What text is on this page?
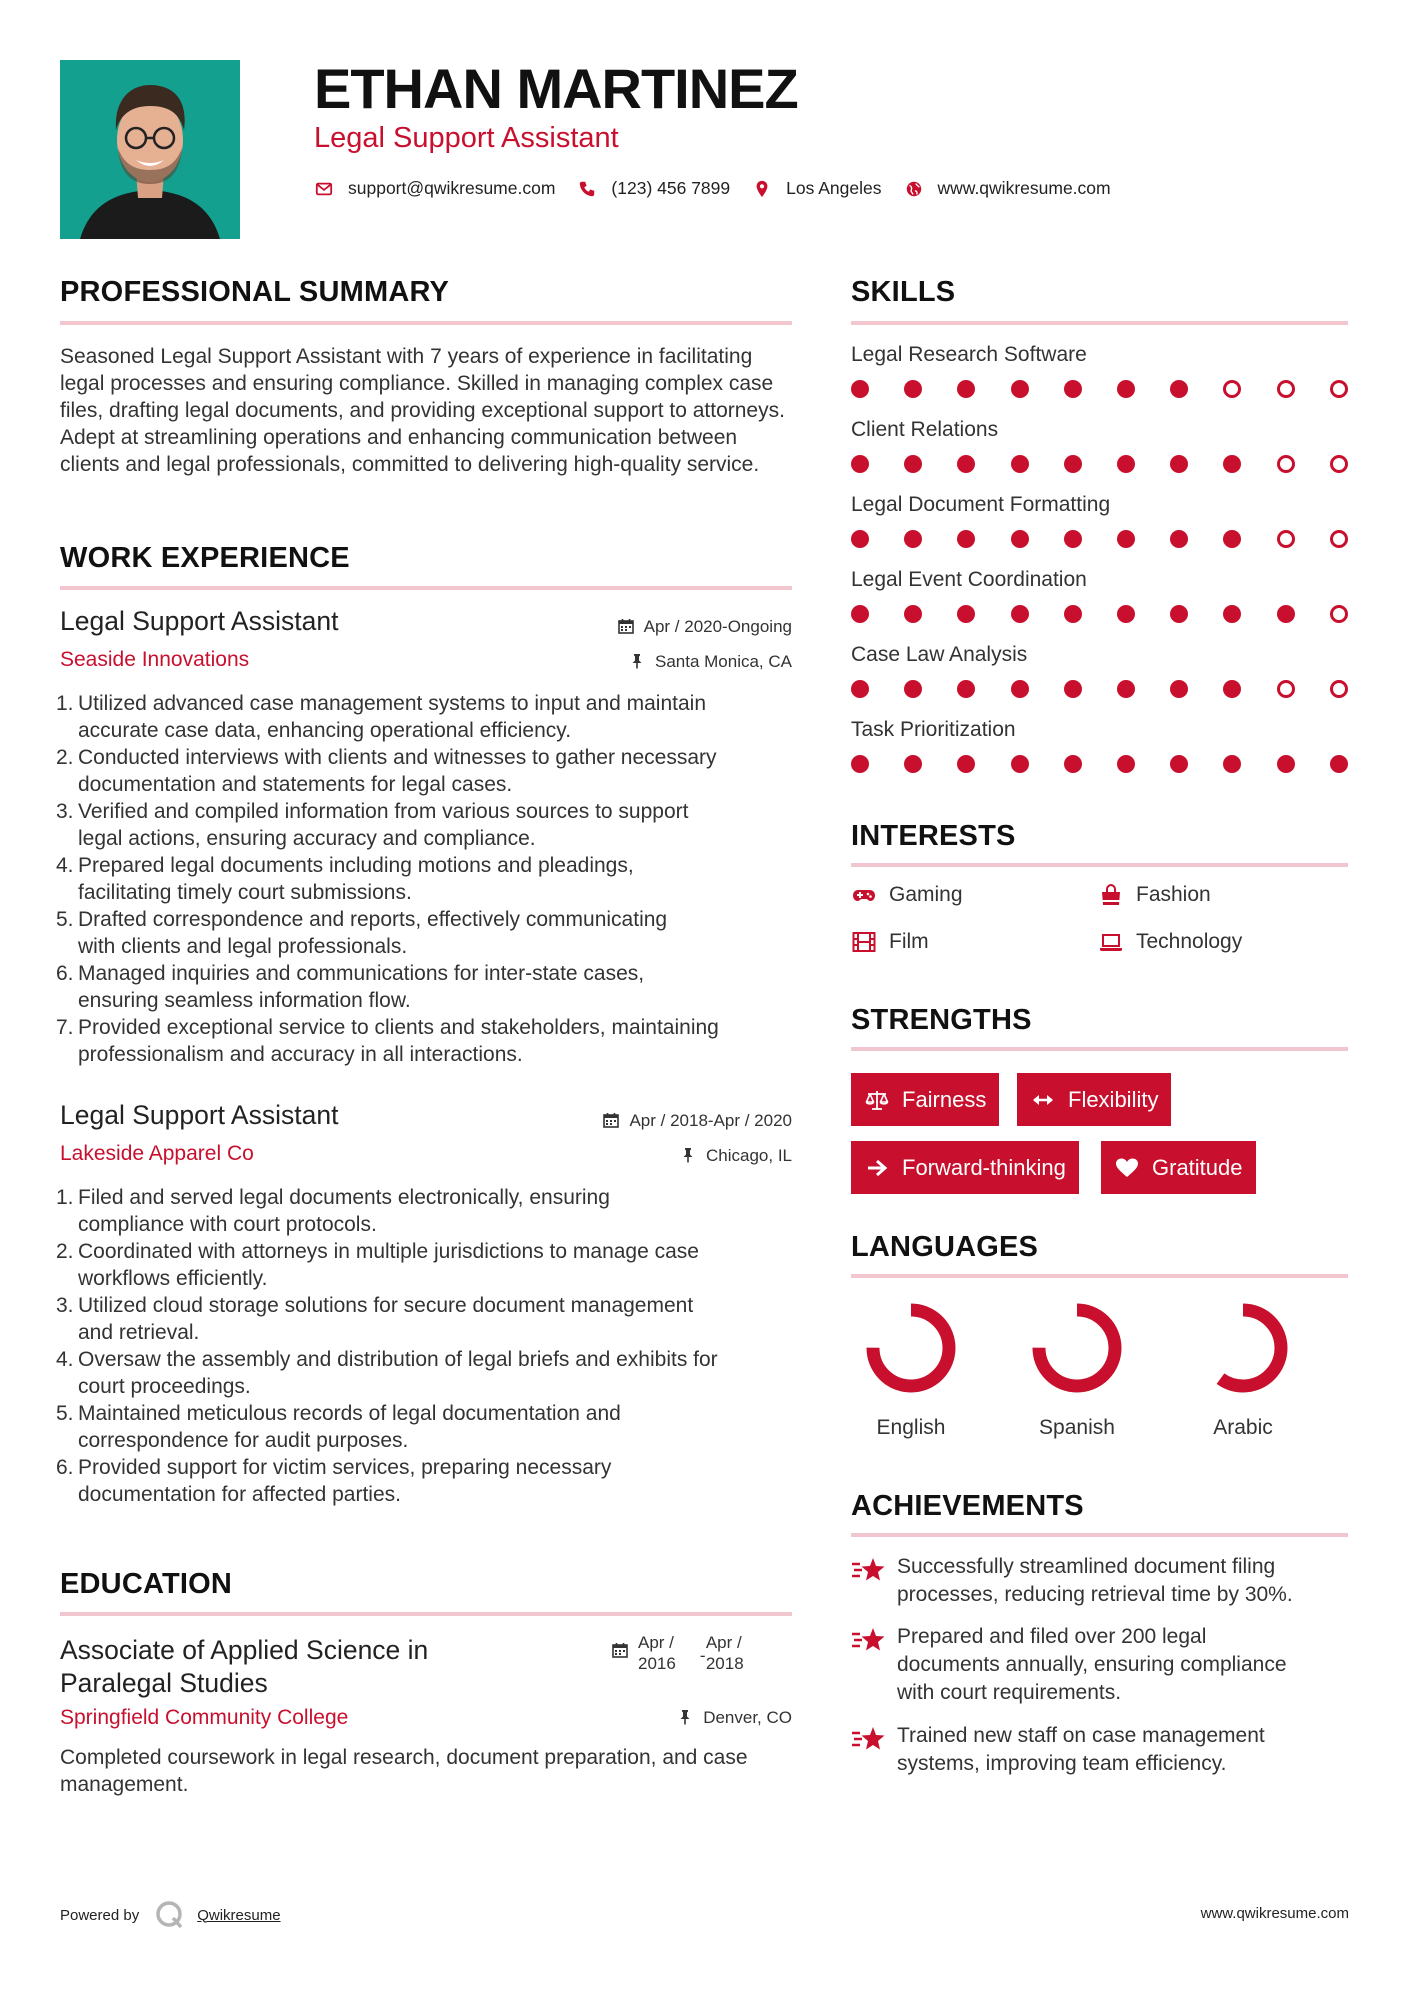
ETHAN MARTINEZ
Legal Support Assistant
support@qwikresume.com	(123) 456 7899	Los Angeles	www.qwikresume.com
PROFESSIONAL SUMMARY
Seasoned Legal Support Assistant with 7 years of experience in facilitating legal processes and ensuring compliance. Skilled in managing complex case files, drafting legal documents, and providing exceptional support to attorneys. Adept at streamlining operations and enhancing communication between clients and legal professionals, committed to delivering high-quality service.
WORK EXPERIENCE
Legal Support Assistant
Seaside Innovations
Apr / 2020-Ongoing
Santa Monica, CA
1. Utilized advanced case management systems to input and maintain
accurate case data, enhancing operational efficiency.
2. Conducted interviews with clients and witnesses to gather necessary
documentation and statements for legal cases.
3. Verified and compiled information from various sources to support
legal actions, ensuring accuracy and compliance.
4. Prepared legal documents including motions and pleadings,
facilitating timely court submissions.
5. Drafted correspondence and reports, effectively communicating
with clients and legal professionals.
6. Managed inquiries and communications for inter-state cases,
ensuring seamless information flow.
7. Provided exceptional service to clients and stakeholders, maintaining
professionalism and accuracy in all interactions.
Legal Support Assistant
Lakeside Apparel Co
Apr / 2018-Apr / 2020
Chicago, IL
1. Filed and served legal documents electronically, ensuring
compliance with court protocols.
2. Coordinated with attorneys in multiple jurisdictions to manage case
workflows efficiently.
3. Utilized cloud storage solutions for secure document management
and retrieval.
4. Oversaw the assembly and distribution of legal briefs and exhibits for
court proceedings.
5. Maintained meticulous records of legal documentation and
correspondence for audit purposes.
6. Provided support for victim services, preparing necessary
documentation for affected parties.
EDUCATION
Associate of Applied Science in
Paralegal Studies
Springfield Community College
Apr /
2016 -
Apr /
2018
Denver, CO
Completed coursework in legal research, document preparation, and case management.
SKILLS
Legal Research Software
Client Relations
Legal Document Formatting
Legal Event Coordination
Case Law Analysis
Task Prioritization
INTERESTS
Gaming	Fashion
Film	Technology
STRENGTHS
Fairness	Flexibility
Forward-thinking	Gratitude
LANGUAGES
English	Spanish	Arabic
ACHIEVEMENTS
Successfully streamlined document filing
processes, reducing retrieval time by 30%.
Prepared and filed over 200 legal
documents annually, ensuring compliance
with court requirements.
Trained new staff on case management
systems, improving team efficiency.
Powered by	Qwikresume	www.qwikresume.com
